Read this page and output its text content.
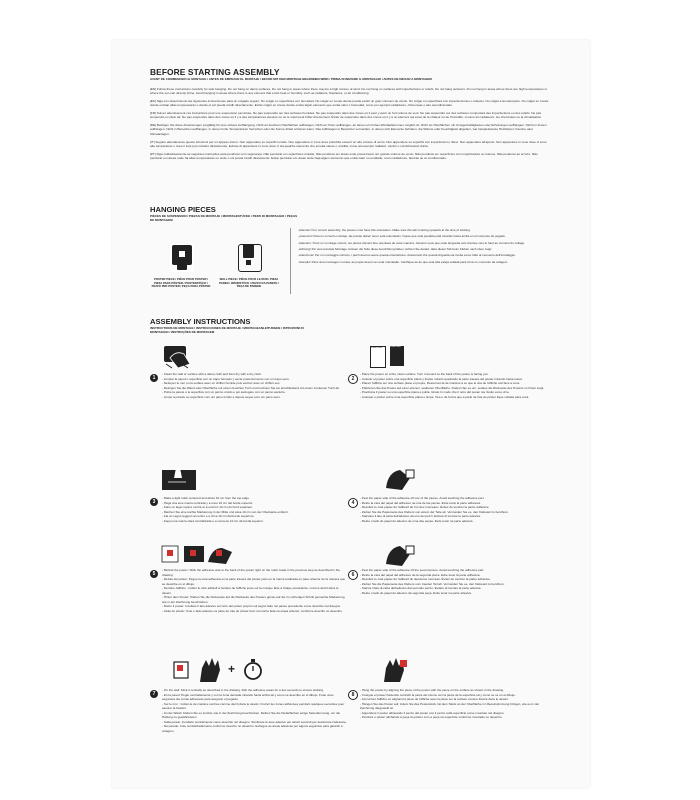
BEFORE STARTING ASSEMBLY
AVANT DE COMMENCER LE MONTAGE / ANTES DE EMPEZAR EL MONTAJE / BEVOR MIT DER MONTAGE BEGONNEN WIRD / PRIMA DI INIZIARE IL MONTAGGIO / ANTES DE INICIAR A MONTAGEM

[EN] Follow these instructions carefully for safe hanging. Do not hang on damp surfaces. Do not hang in areas where there may be a high volume of wind. Do not hang on surfaces with imperfections or reliefs. Do not hang outdoors. Do not hang in areas where there are high temperatures or where the sun can directly shine. Avoid hanging in areas where there is any element that emits heat or humidity, such as radiators, fireplaces, or air conditioning.

[ES] Siga con detenimiento las siguientes instrucciones para un colgado seguro. No colgar en superficies con humedad. No colgar en zonas donde pueda existir un gran volumen de viento. No colgar en superficies con imperfecciones o relieves. No colgar a la intemperie. No colgar en zonas donde existan altas temperaturas o donde el sol pueda incidir directamente. Evitar colgar en zonas donde exista algún elemento que emita calor o humedad, como por ejemplo radiadores, chimeneas o aire acondicionado.

[FR] Suivez attentivement ces instructions pour une suspension sécurisée. Ne pas suspendre sur des surfaces humides. Ne pas suspendre dans des zones où il peut y avoir un fort volume de vent. Ne pas suspendre sur des surfaces comportant des imperfections ou des reliefs. Ne pas suspendre en plein air. Ne pas suspendre dans des zones où il y a des températures élevées ou où le soleil peut briller directement. Éviter de suspendre dans des zones où il y a un élément qui émet de la chaleur ou de l'humidité, comme les radiateurs, les cheminées ou la climatisation.

[DE] Befolgen Sie diese Anweisungen sorgfältig für eine sichere Aufhängung. Nicht an feuchten Oberflächen aufhängen. Nicht an Orten aufhängen, an denen ein hohes Windaufkommen möglich ist. Nicht an Oberflächen mit Unregelmäßigkeiten oder Erhebungen aufhängen. Nicht im Freien aufhängen. Nicht in Bereichen aufhängen, in denen hohe Temperaturen herrschen oder die Sonne direkt scheinen kann. Das Aufhängen in Bereichen vermeiden, in denen sich Elemente befinden, die Wärme oder Feuchtigkeit abgeben, wie beispielsweise Heizkörper, Kamine oder Klimaanlagen.

[IT] Seguire attentamente queste istruzioni per un appeso sicuro. Non appendere su superfici umide. Non appendere in zone dove potrebbe esserci un alto volume di vento. Non appendere su superfici con imperfezioni o rilievi. Non appendere all'aperto. Non appendere in zone dove ci sono alte temperature o dove il sole può incidere direttamente. Evitare di appendere in zone dove ci sia qualche elemento che emetta calore o umidità, come ad esempio radiatori, camini o condizionatori d'aria.

[PT] Siga cuidadosamente as seguintes instruções para pendurar com segurança. Não pendurar em superfícies úmidas. Não pendurar em áreas onde possa haver um grande volume de vento. Não pendurar em superfícies com imperfeições ou relevos. Não pendurar ao ar livre. Não pendurar em áreas onde há altas temperaturas ou onde o sol possa incidir diretamente. Evitar pendurar em áreas onde haja algum elemento que emita calor ou umidade, como radiadores, lareiras ou ar condicionado.

HANGING PIECES
PIÈCES DE SUSPENSION / PIEZAS DE MONTAJE / MONTAGESTÜCKE / PEZZI DI MONTAGGIO / PEÇAS DE MONTAGEM
POSTER PIECE / PIÈCE POUR POSTER / PIEZA PARA PÓSTER / POSTERSTÜCK / PEZZO PER POSTER / PEÇA PARA PÔSTER
WALL PIECE / PIÈCE POUR LE MUR / PIEZA PARED / WANDSTÜCK / PEZZO DA PARETE / PEÇA DE PAREDE

-Attention! For correct assembly, the pieces must have this orientation. Make sure this tab is facing upwards at the time of sticking.

-¡Atención! Para un correcto montaje, las piezas deben tener esta orientación. Fíjese que esta pestaña está mirando hacia arriba en el momento de pegado.

-Attention ! Pour un montage correct, les pièces doivent être orientées de cette manière. Assurez-vous que cette languette soit orientée vers le haut au moment du collage.

-Achtung! Für eine korrekte Montage müssen die Teile diese Ausrichtung haben. Achten Sie darauf, dass dieser Tab beim Kleben nach oben zeigt.

-Attenzione! Per un montaggio corretto, i pezzi devono avere questa orientazione. Assicurarsi che questa linguetta sia rivolta verso l'alto al momento dell'incollaggio.

-Atenção! Para uma montagem correta, as peças devem ter esta orientação. Certifique-se de que esta aba esteja voltada para cima no momento da colagem.

ASSEMBLY INSTRUCTIONS
INSTRUCTIONS DE MONTAGE / INSTRUCCIONES DE MONTAJE / MONTAGEANLEITUNGEN / ISTRUZIONI DI MONTAGGIO / INSTRUÇÕES DE MONTAGEM
1

- Clean the wall or surface with a damp cloth and then dry with a dry cloth.

- Limpiar la pared o superficie con un trapo húmedo y secar posteriormente con un trapo seco.

- Nettoyez le mur ou la surface avec un chiffon humide puis séchez avec un chiffon sec.

- Reinigen Sie die Wand oder Oberfläche mit einem feuchten Tuch und trocknen Sie sie anschließend mit einem trockenen Tuch ab.

- Pulire la parete o la superficie con un panno umido e poi asciugare con un panno asciutto.

- Limpe a parede ou superfície com um pano úmido e depois seque com um pano seco.

Poster Front	Poster Back
2

- Place the poster on a flat, clean surface. Turn it around so the back of the poster is facing you.

- Colocar el póster sobre una superficie plana y limpia. Girarlo quedando la parte trasera del póster mirando hacia usted.

- Placez l'affiche sur une surface plane et propre. Retournez-la de manière à ce que le dos de l'affiche soit face à vous.

- Platzieren Sie das Poster auf einer ebenen, sauberen Oberfläche. Drehen Sie es um, sodass die Rückseite des Posters zu Ihnen zeigt.

- Posiziona il poster su una superficie piana e pulita. Giralo in modo che il retro del poster sia rivolto verso di te.

- Coloque o pôster sobre uma superfície plana e limpa. Vire-o de forma que a parte de trás do pôster fique voltada para você.

3

- Make a light mark centered and about 10 cm from the top edge.

- Haga una leve marca centrada y a unos 10 cm del borde superior.

- Faire un léger repère centré et à environ 10 cm du bord supérieur.

- Machen Sie eine leichte Markierung in der Mitte und etwa 10 cm von der Oberkante entfernt.

- Fai un segno leggero al centro e a circa 10 cm dal bordo superiore.

- Faça uma marca clara centralizada e a cerca de 10 cm da borda superior.

4

- Peel the paper side of the adhesive off one of the pieces. Avoid touching the adhesive part.

- Retire la cara del papel del adhesivo de una de las piezas. Evite tocar la parte adhesiva.

- Décollez le côté papier de l'adhésif de l'un des morceaux. Évitez de toucher la partie adhésive.

- Ziehen Sie die Papierseite des Klebers von einem der Teile ab. Vermeiden Sie es, den Klebeteil zu berühren.

- Staccare il lato di carta dell'adesivo da uno dei pezzi. Evitare di toccare la parte adesiva.

- Retire o lado do papel do adesivo de uma das peças. Evite tocar na parte adesiva.

5

- Behind the poster: Stick the adhesive side to the back of the poster right on the mark made in the previous step as described in the drawing.

- Detrás del póster: Pegue la cara adhesiva en la parte trasera del póster justo en la marca realizada en paso anterior de la manera que se describe en el dibujo.

- Derrière l'affiche : Collez le côté adhésif à l'arrière de l'affiche juste sur la marque faite à l'étape précédente, comme décrit dans le dessin.

- Hinter dem Poster: Kleben Sie die Klebeseite auf die Rückseite des Posters genau auf die im vorherigen Schritt gemachte Markierung, wie in der Zeichnung beschrieben.

- Dietro il poster: Incollare il lato adesivo sul retro del poster proprio sul segno fatto nel passo precedente come descritto nel disegno.

- Atrás do pôster: Cole o lado adesivo na parte de trás do pôster bem na marca feita na etapa anterior, conforme descrito no desenho.

6

- Peel the paper side of the adhesive off the second piece. Avoid touching the adhesive part.

- Retire la cara del papel del adhesivo de la segunda pieza. Evite tocar la parte adhesiva.

- Décollez le côté papier de l'adhésif du deuxième morceau. Évitez de toucher la partie adhésive.

- Ziehen Sie die Papierseite des Klebers vom zweiten Teil ab. Vermeiden Sie es, den Klebeteil zu berühren.

- Stacca il lato di carta dell'adesivo dal secondo pezzo. Evitare di toccare la parte adesiva.

- Retire o lado do papel do adesivo da segunda peça. Evite tocar na parte adesiva.

+
7

- On the wall: Stick it centrally as described in the drawing. Rub the adhesive areas for a few seconds to ensure sticking.

- En la pared: Pegar centradamente y con la zona dentada mirando hacia arriba tal y como se describe en el dibujo. Frote unos segundos las zonas adhesivas para asegurar el pegado.

- Sur le mur : Collez-le de manière centrée comme décrit dans le dessin. Frottez les zones adhésives pendant quelques secondes pour assurer la fixation.

- An der Wand: Kleben Sie es zentral, wie in der Zeichnung beschrieben. Reiben Sie die Klebeflächen einige Sekunden lang, um die Haftung zu gewährleisten.

- Sulla parete: Incollarlo centralmente come descritto nel disegno. Strofinare le aree adesive per alcuni secondi per assicurare l'adesione.

- Na parede: Cole centralizadamente conforme descrito no desenho. Esfregue as áreas adesivas por alguns segundos para garantir a colagem.

8

- Hang the poster by aligning the piece of the poster with the piece on the surface as shown in the drawing.

- Cuelgue el póster haciendo coincidir la pieza del mismo con la pieza de la superficie tal y como se ve en el dibujo.

- Accrochez l'affiche en alignant la pièce de l'affiche avec la pièce sur la surface comme illustré dans le dessin.

- Hängen Sie das Poster auf, indem Sie das Posterstück mit dem Stück an der Oberfläche in Übereinstimmung bringen, wie es in der Zeichnung dargestellt ist.

- Appendere il poster allineando il pezzo del poster con il pezzo sulla superficie come mostrato nel disegno.

- Pendure o pôster alinhando a peça do pôster com a peça na superfície conforme mostrado no desenho.
